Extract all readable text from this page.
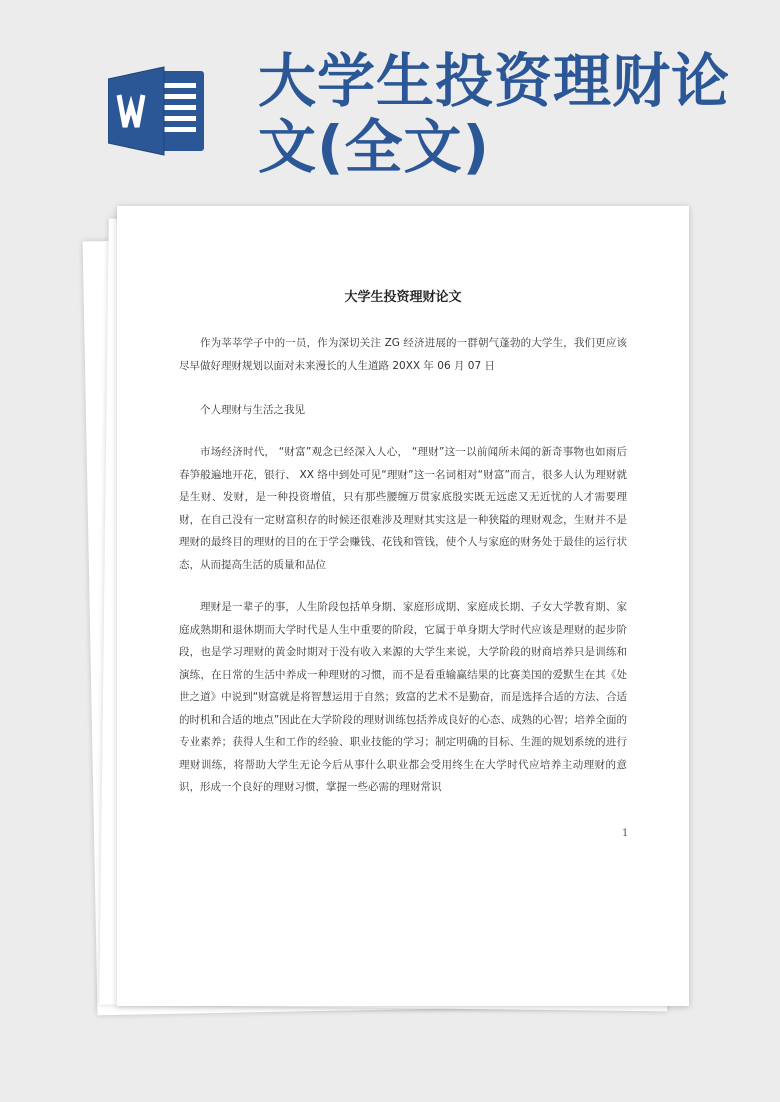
大学生投资理财论文(全文)
大学生投资理财论文

作为莘莘学子中的一员，作为深切关注 ZG 经济进展的一群朝气蓬勃的大学生，我们更应该尽早做好理财规划以面对未来漫长的人生道路 20XX 年 06 月 07 日

个人理财与生活之我见

市场经济时代， “财富”观念已经深入人心， “理财”这一以前闻所未闻的新奇事物也如雨后春笋般遍地开花，银行、 XX 络中到处可见“理财”这一名词相对“财富”而言，很多人认为理财就是生财、发财，是一种投资增值，只有那些腰缠万贯家底殷实既无远虑又无近忧的人才需要理财，在自己没有一定财富积存的时候还很难涉及理财其实这是一种狭隘的理财观念，生财并不是理财的最终目的理财的目的在于学会赚钱、花钱和管钱，使个人与家庭的财务处于最佳的运行状态，从而提高生活的质量和品位

理财是一辈子的事，人生阶段包括单身期、家庭形成期、家庭成长期、子女大学教育期、家庭成熟期和退休期而大学时代是人生中重要的阶段，它属于单身期大学时代应该是理财的起步阶段，也是学习理财的黄金时期对于没有收入来源的大学生来说，大学阶段的财商培养只是训练和演练，在日常的生活中养成一种理财的习惯，而不是看重输赢结果的比赛美国的爱默生在其《处世之道》中说到“财富就是将智慧运用于自然；致富的艺术不是勤奋，而是选择合适的方法、合适的时机和合适的地点”因此在大学阶段的理财训练包括养成良好的心态、成熟的心智；培养全面的专业素养；获得人生和工作的经验、职业技能的学习；制定明确的目标、生涯的规划系统的进行理财训练，将帮助大学生无论今后从事什么职业都会受用终生在大学时代应培养主动理财的意识，形成一个良好的理财习惯，掌握一些必需的理财常识

1
